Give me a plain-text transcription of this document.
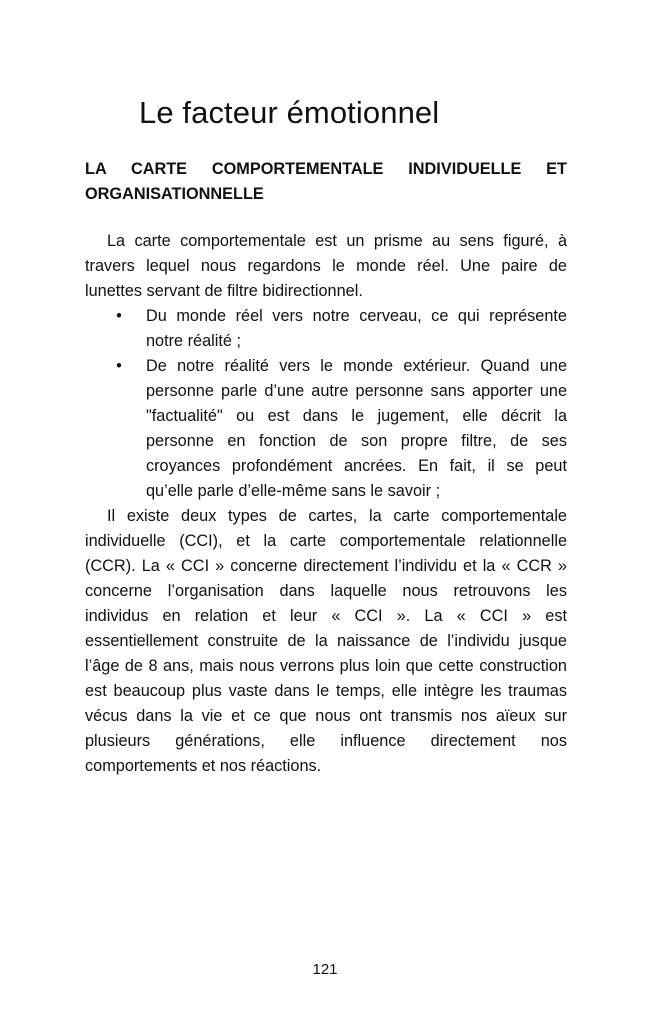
Le facteur émotionnel
LA CARTE COMPORTEMENTALE INDIVIDUELLE ET ORGANISATIONNELLE

La carte comportementale est un prisme au sens figuré, à travers lequel nous regardons le monde réel. Une paire de lunettes servant de filtre bidirectionnel.

• Du monde réel vers notre cerveau, ce qui représente notre réalité ;
• De notre réalité vers le monde extérieur. Quand une personne parle d’une autre personne sans apporter une "factualité" ou est dans le jugement, elle décrit la personne en fonction de son propre filtre, de ses croyances profondément ancrées. En fait, il se peut qu’elle parle d’elle-même sans le savoir ;

Il existe deux types de cartes, la carte comportementale individuelle (CCI), et la carte comportementale relationnelle (CCR). La « CCI » concerne directement l’individu et la « CCR » concerne l’organisation dans laquelle nous retrouvons les individus en relation et leur « CCI ». La « CCI » est essentiellement construite de la naissance de l’individu jusque l’âge de 8 ans, mais nous verrons plus loin que cette construction est beaucoup plus vaste dans le temps, elle intègre les traumas vécus dans la vie et ce que nous ont transmis nos aïeux sur plusieurs générations, elle influence directement nos comportements et nos réactions.

121
